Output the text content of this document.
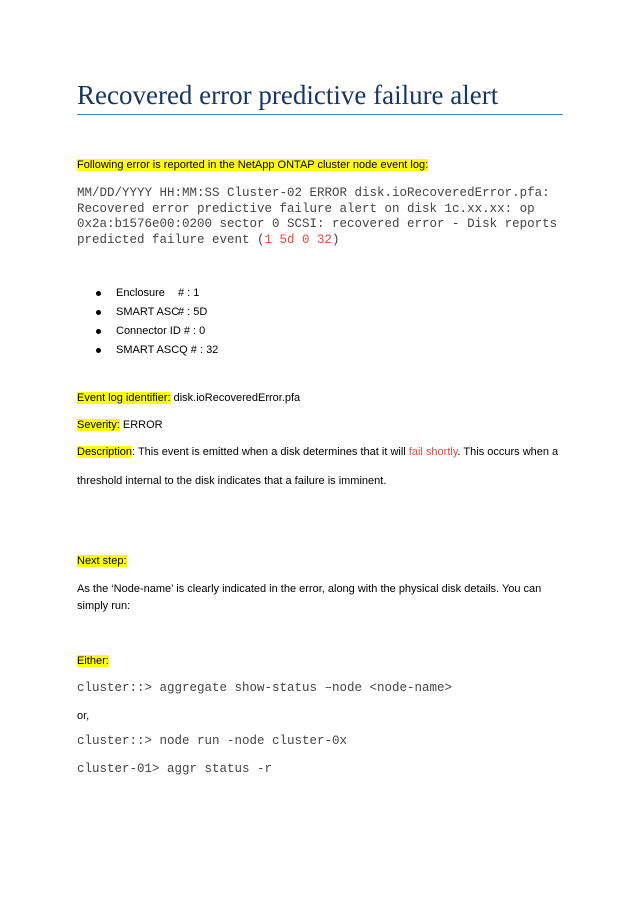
Recovered error predictive failure alert

Following error is reported in the NetApp ONTAP cluster node event log:

MM/DD/YYYY HH:MM:SS Cluster-02 ERROR disk.ioRecoveredError.pfa:

Recovered error predictive failure alert on disk 1c.xx.xx: op

0x2a:b1576e00:0200 sector 0 SCSI: recovered error - Disk reports

predicted failure event (1 5d 0 32)

Enclosure # : 1
SMART ASC# : 5D
Connector ID # : 0
SMART ASCQ # : 32

Event log identifier: disk.ioRecoveredError.pfa

Severity: ERROR

Description: This event is emitted when a disk determines that it will fail shortly. This occurs when a

threshold internal to the disk indicates that a failure is imminent.

Next step:

As the ‘Node-name’ is clearly indicated in the error, along with the physical disk details. You can

simply run:

Either:

cluster::> aggregate show-status –node <node-name>

or,

cluster::> node run -node cluster-0x

cluster-01> aggr status -r
